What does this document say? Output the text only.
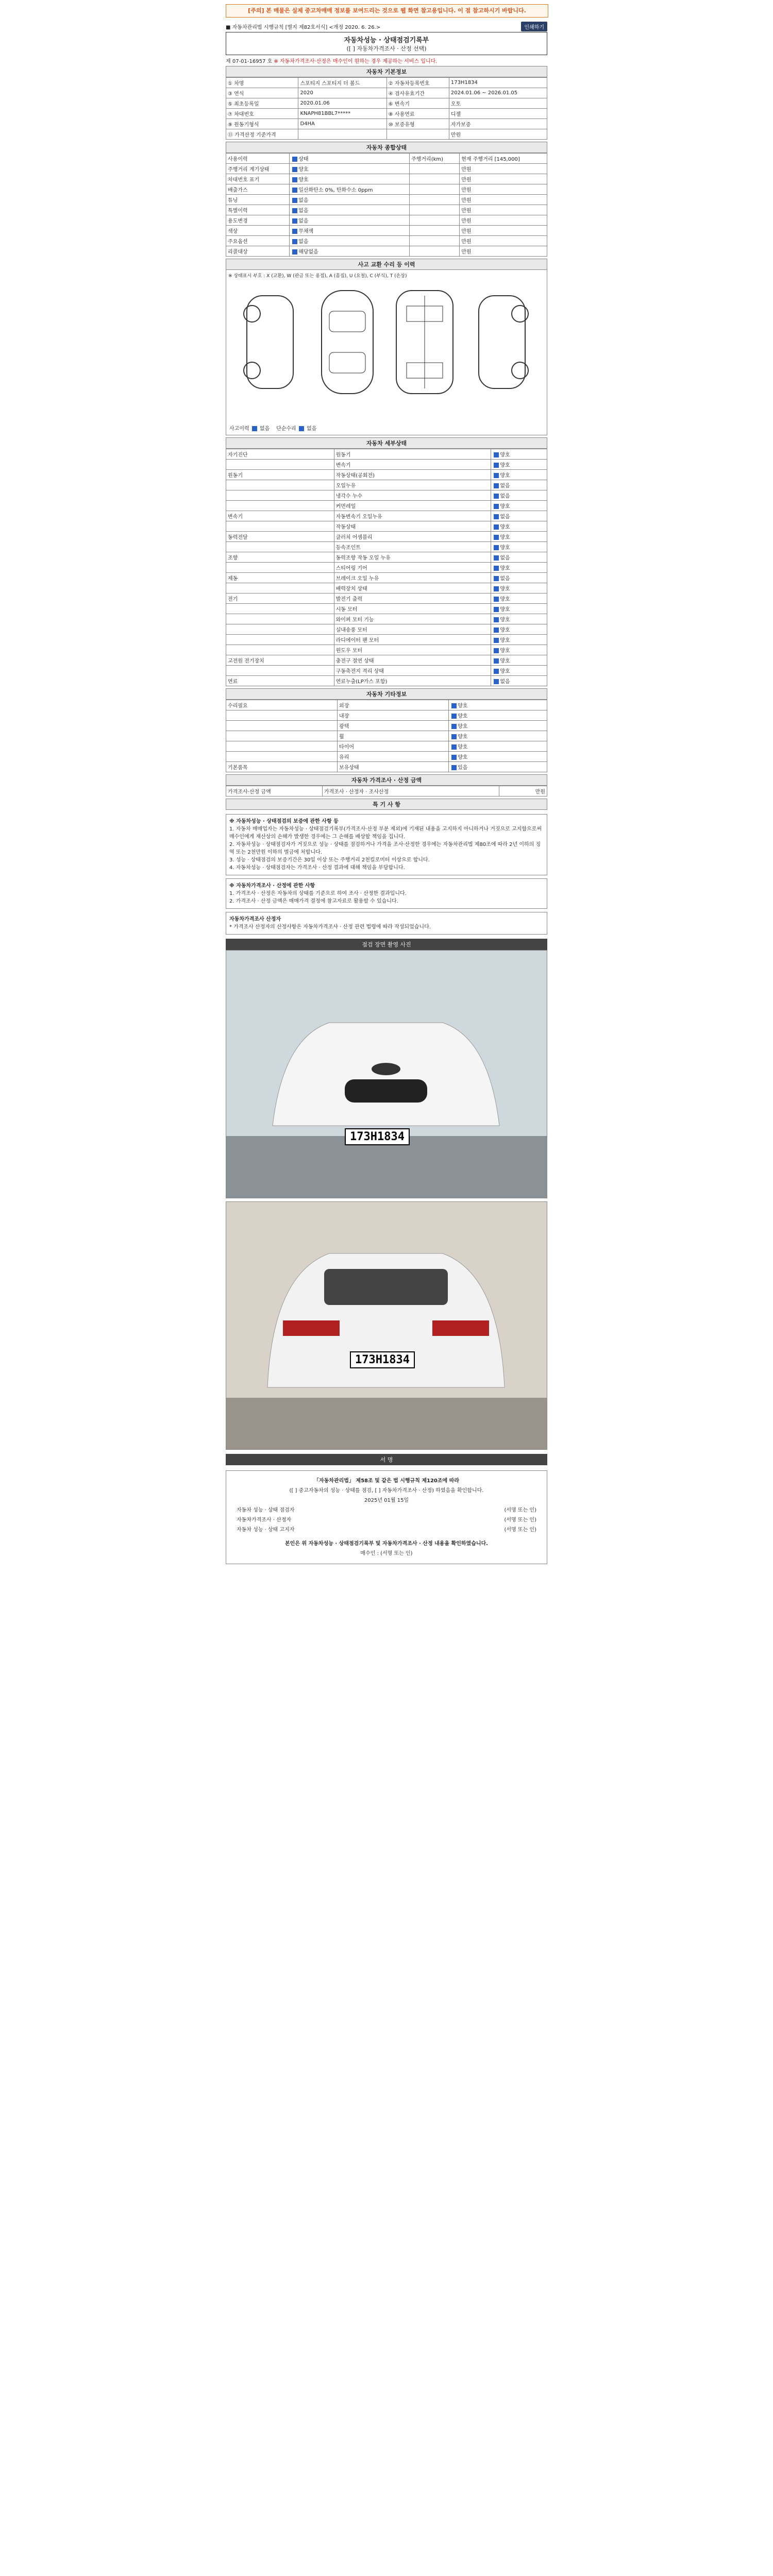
[주의] 본 매물은 실제 중고차매매 정보를 보여드리는 것으로 웹 화면 참고용입니다. 이 점 참고하시기 바랍니다.
■ 자동차관리법 시행규칙 [별지 제82호서식] <개정 2020. 6. 26.>	인쇄하기
자동차성능 · 상태점검기록부
([ ] 자동차가격조사 · 산정 선택)
제 07-01-16957 호 ※ 자동차가격조사·산정은 매수인이 원하는 경우 제공하는 서비스 입니다.
자동차 기본정보
① 차명	스포티지 스포티지 더 볼드	② 자동차등록번호	173H1834
③ 연식	2020	④ 검사유효기간	2024.01.06 ~ 2026.01.05
⑤ 최초등록일	2020.01.06	⑥ 변속기	오토
⑦ 차대번호	KNAPH81BBL7*****	⑧ 사용연료	디젤
⑨ 원동기형식	D4HA	⑩ 보증유형	자가보증
⑪ 가격산정 기준가격			만원
자동차 종합상태
사용이력	상태	주행거리(km)	현재 주행거리 [145,000]
주행거리 계기상태	양호		만원
차대번호 표기	양호		만원
배출가스	일산화탄소 0%, 탄화수소 0ppm		만원
튜닝	없음		만원
특별이력	없음		만원
용도변경	없음		만원
색상	무채색		만원
주요옵션	없음		만원
리콜대상	해당없음		만원
사고 교환 수리 등 이력
※ 상태표시 부호 : X (교환), W (판금 또는 용접), A (흠집), U (요철), C (부식), T (손상)
사고이력 없음 단순수리 없음
자동차 세부상태
자기진단	원동기	양호
	변속기	양호
원동기	작동상태(공회전)	양호
	오일누유	없음
	냉각수 누수	없음
	커먼레일	양호
변속기	자동변속기 오일누유	없음
	작동상태	양호
동력전달	클러치 어셈블리	양호
	등속조인트	양호
조향	동력조향 작동 오일 누유	없음
	스티어링 기어	양호
제동	브레이크 오일 누유	없음
	배력장치 상태	양호
전기	발전기 출력	양호
	시동 모터	양호
	와이퍼 모터 기능	양호
	실내송풍 모터	양호
	라디에이터 팬 모터	양호
	윈도우 모터	양호
고전원 전기장치	충전구 절연 상태	양호
	구동축전지 격리 상태	양호
연료	연료누출(LP가스 포함)	없음
자동차 기타정보
수리필요	외장	양호
	내장	양호
	광택	양호
	휠	양호
	타이어	양호
	유리	양호
기본품목	보유상태	있음
자동차 가격조사 · 산정 금액
가격조사·산정 금액	가격조사 · 산정자 · 조사산정	만원
특 기 사 항
※ 자동차성능 · 상태점검의 보증에 관한 사항 등
1. 자동차 매매업자는 자동차성능 · 상태점검기록부(가격조사·산정 부분 제외)에 기재된 내용을 고지하지 아니하거나 거짓으로 고지함으로써 매수인에게 재산상의 손해가 발생한 경우에는 그 손해를 배상할 책임을 집니다.
2. 자동차성능 · 상태점검자가 거짓으로 성능 · 상태를 점검하거나 가격을 조사·산정한 경우에는 자동차관리법 제80조에 따라 2년 이하의 징역 또는 2천만원 이하의 벌금에 처합니다.
3. 성능 · 상태점검의 보증기간은 30일 이상 또는 주행거리 2천킬로미터 이상으로 합니다.
4. 자동차성능 · 상태점검자는 가격조사 · 산정 결과에 대해 책임을 부담합니다.
※ 자동차가격조사 · 산정에 관한 사항
1. 가격조사 · 산정은 자동차의 상태를 기준으로 하여 조사 · 산정한 결과입니다.
2. 가격조사 · 산정 금액은 매매가격 결정에 참고자료로 활용할 수 있습니다.
자동차가격조사 산정자
* 가격조사 산정자의 산정사항은 자동차가격조사 · 산정 관련 법령에 따라 작성되었습니다.
점검 장면 촬영 사진
173H1834
173H1834
서 명
「자동차관리법」 제58조 및 같은 법 시행규칙 제120조에 따라
([ ] 중고자동차의 성능 · 상태를 점검, [ ] 자동차가격조사 · 산정) 하였음을 확인합니다.
2025년 01월 15일
자동차 성능 · 상태 점검자	(서명 또는 인)
자동차가격조사 · 산정자	(서명 또는 인)
자동차 성능 · 상태 고지자	(서명 또는 인)
본인은 위 자동차성능 · 상태점검기록부 및 자동차가격조사 · 산정 내용을 확인하였습니다.
매수인 : (서명 또는 인)
